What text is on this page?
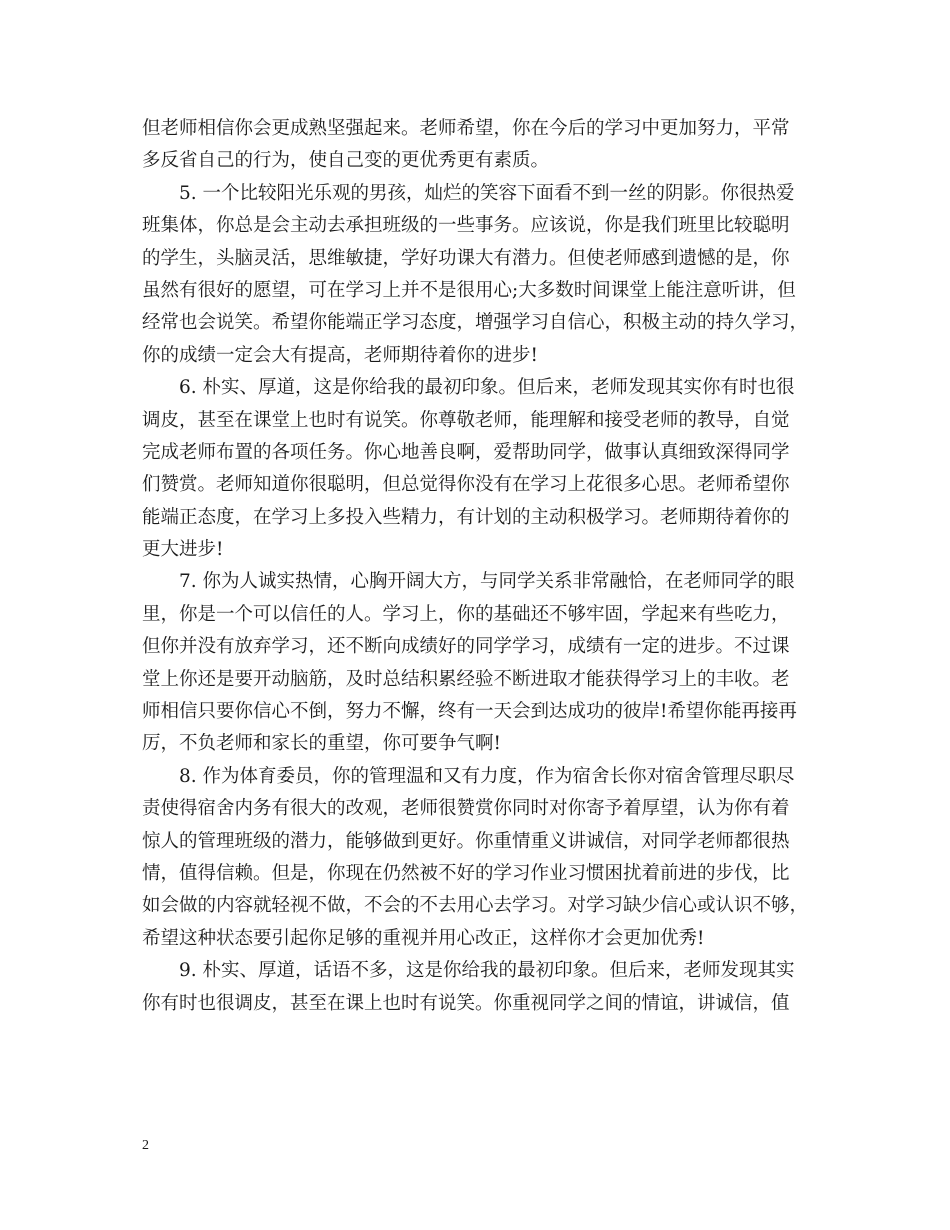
但老师相信你会更成熟坚强起来。老师希望，你在今后的学习中更加努力，平常
多反省自己的行为，使自己变的更优秀更有素质。
5. 一个比较阳光乐观的男孩，灿烂的笑容下面看不到一丝的阴影。你很热爱
班集体，你总是会主动去承担班级的一些事务。应该说，你是我们班里比较聪明
的学生，头脑灵活，思维敏捷，学好功课大有潜力。但使老师感到遗憾的是，你
虽然有很好的愿望，可在学习上并不是很用心;大多数时间课堂上能注意听讲，但
经常也会说笑。希望你能端正学习态度，增强学习自信心，积极主动的持久学习，
你的成绩一定会大有提高，老师期待着你的进步!
6. 朴实、厚道，这是你给我的最初印象。但后来，老师发现其实你有时也很
调皮，甚至在课堂上也时有说笑。你尊敬老师，能理解和接受老师的教导，自觉
完成老师布置的各项任务。你心地善良啊，爱帮助同学，做事认真细致深得同学
们赞赏。老师知道你很聪明，但总觉得你没有在学习上花很多心思。老师希望你
能端正态度，在学习上多投入些精力，有计划的主动积极学习。老师期待着你的
更大进步!
7. 你为人诚实热情，心胸开阔大方，与同学关系非常融恰，在老师同学的眼
里，你是一个可以信任的人。学习上，你的基础还不够牢固，学起来有些吃力，
但你并没有放弃学习，还不断向成绩好的同学学习，成绩有一定的进步。不过课
堂上你还是要开动脑筋，及时总结积累经验不断进取才能获得学习上的丰收。老
师相信只要你信心不倒，努力不懈，终有一天会到达成功的彼岸!希望你能再接再
厉，不负老师和家长的重望，你可要争气啊!
8. 作为体育委员，你的管理温和又有力度，作为宿舍长你对宿舍管理尽职尽
责使得宿舍内务有很大的改观，老师很赞赏你同时对你寄予着厚望，认为你有着
惊人的管理班级的潜力，能够做到更好。你重情重义讲诚信，对同学老师都很热
情，值得信赖。但是，你现在仍然被不好的学习作业习惯困扰着前进的步伐，比
如会做的内容就轻视不做，不会的不去用心去学习。对学习缺少信心或认识不够，
希望这种状态要引起你足够的重视并用心改正，这样你才会更加优秀!
9. 朴实、厚道，话语不多，这是你给我的最初印象。但后来，老师发现其实
你有时也很调皮，甚至在课上也时有说笑。你重视同学之间的情谊，讲诚信，值
2
